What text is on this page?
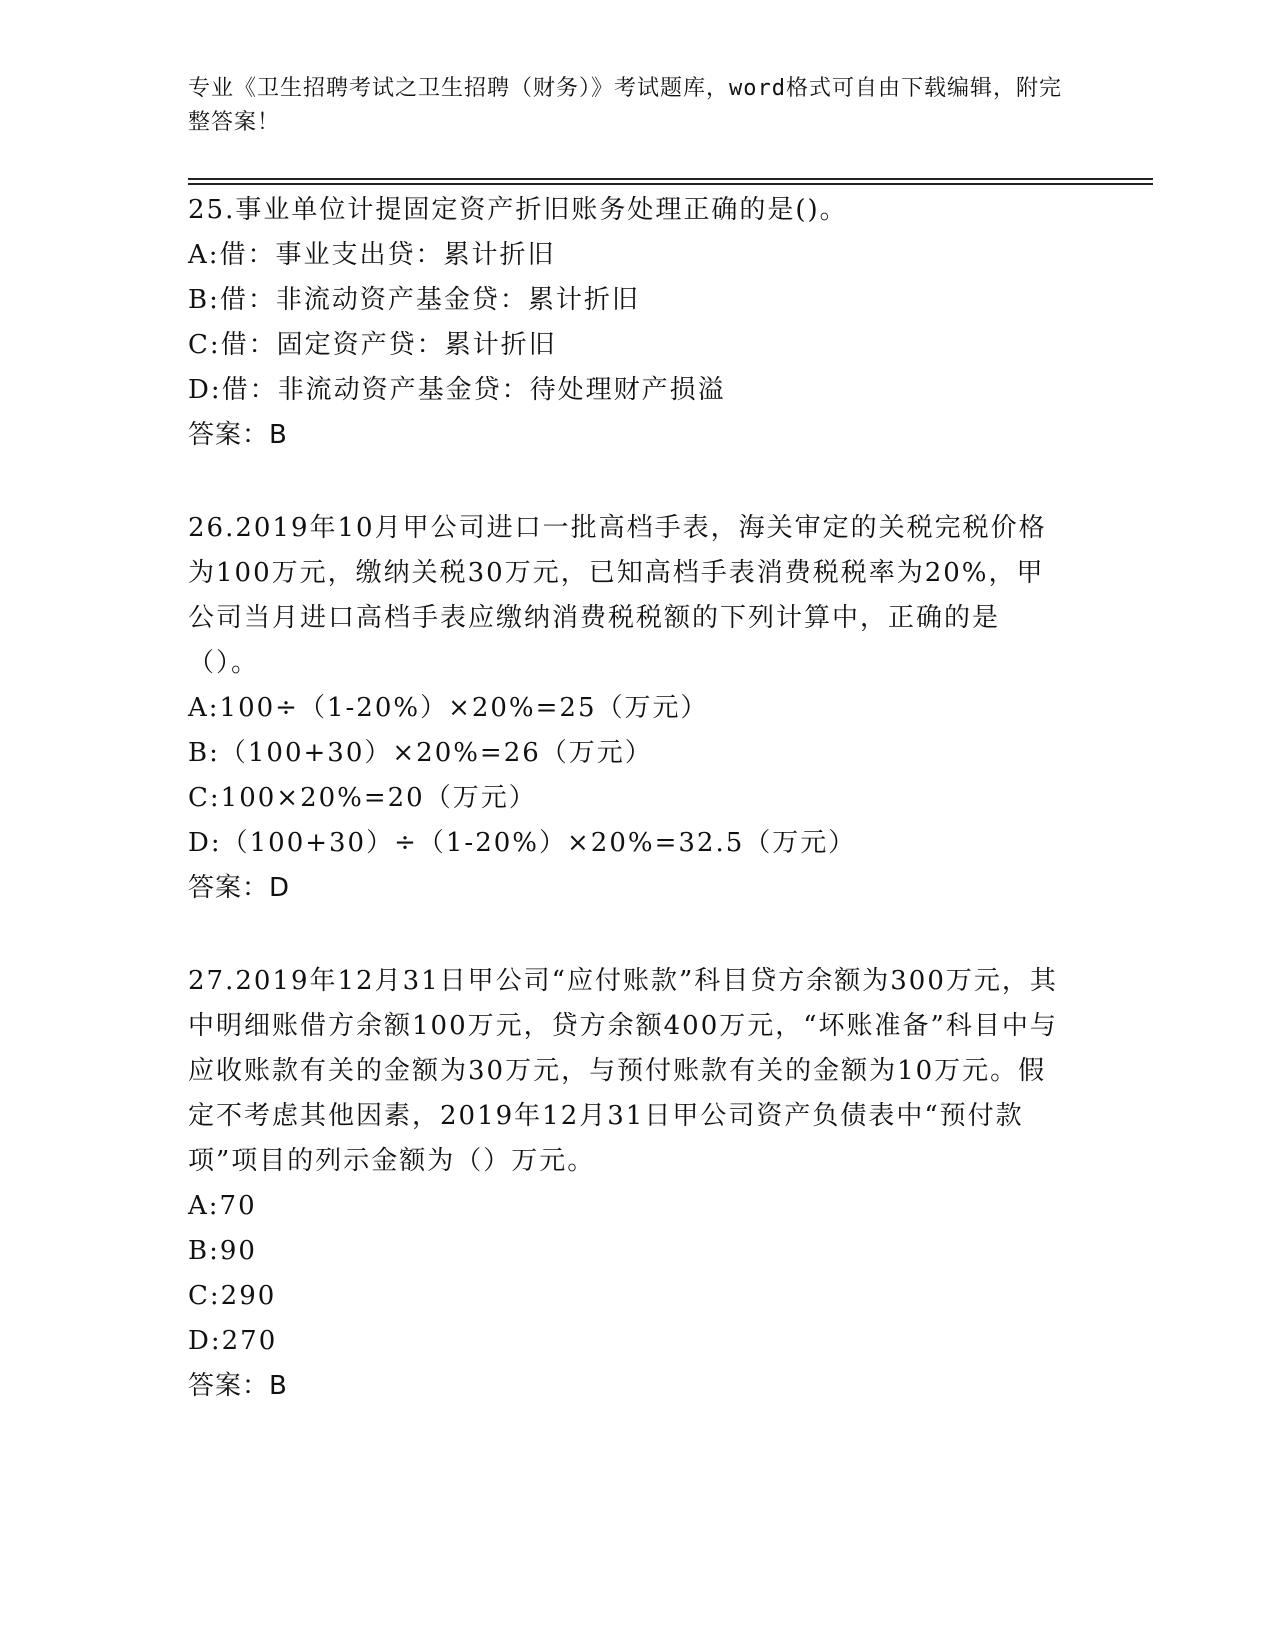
专业《卫生招聘考试之卫生招聘（财务）》考试题库，word格式可自由下载编辑，附完整答案！

25.事业单位计提固定资产折旧账务处理正确的是()。

A:借：事业支出贷：累计折旧

B:借：非流动资产基金贷：累计折旧

C:借：固定资产贷：累计折旧

D:借：非流动资产基金贷：待处理财产损溢

答案：B

26.2019年10月甲公司进口一批高档手表，海关审定的关税完税价格为100万元，缴纳关税30万元，已知高档手表消费税税率为20%，甲公司当月进口高档手表应缴纳消费税税额的下列计算中，正确的是（）。

A:100÷（1-20%）×20%=25（万元）

B:（100+30）×20%=26（万元）

C:100×20%=20（万元）

D:（100+30）÷（1-20%）×20%=32.5（万元）

答案：D

27.2019年12月31日甲公司“应付账款”科目贷方余额为300万元，其中明细账借方余额100万元，贷方余额400万元，“坏账准备”科目中与应收账款有关的金额为30万元，与预付账款有关的金额为10万元。假定不考虑其他因素，2019年12月31日甲公司资产负债表中“预付款项”项目的列示金额为（）万元。

A:70

B:90

C:290

D:270

答案：B
